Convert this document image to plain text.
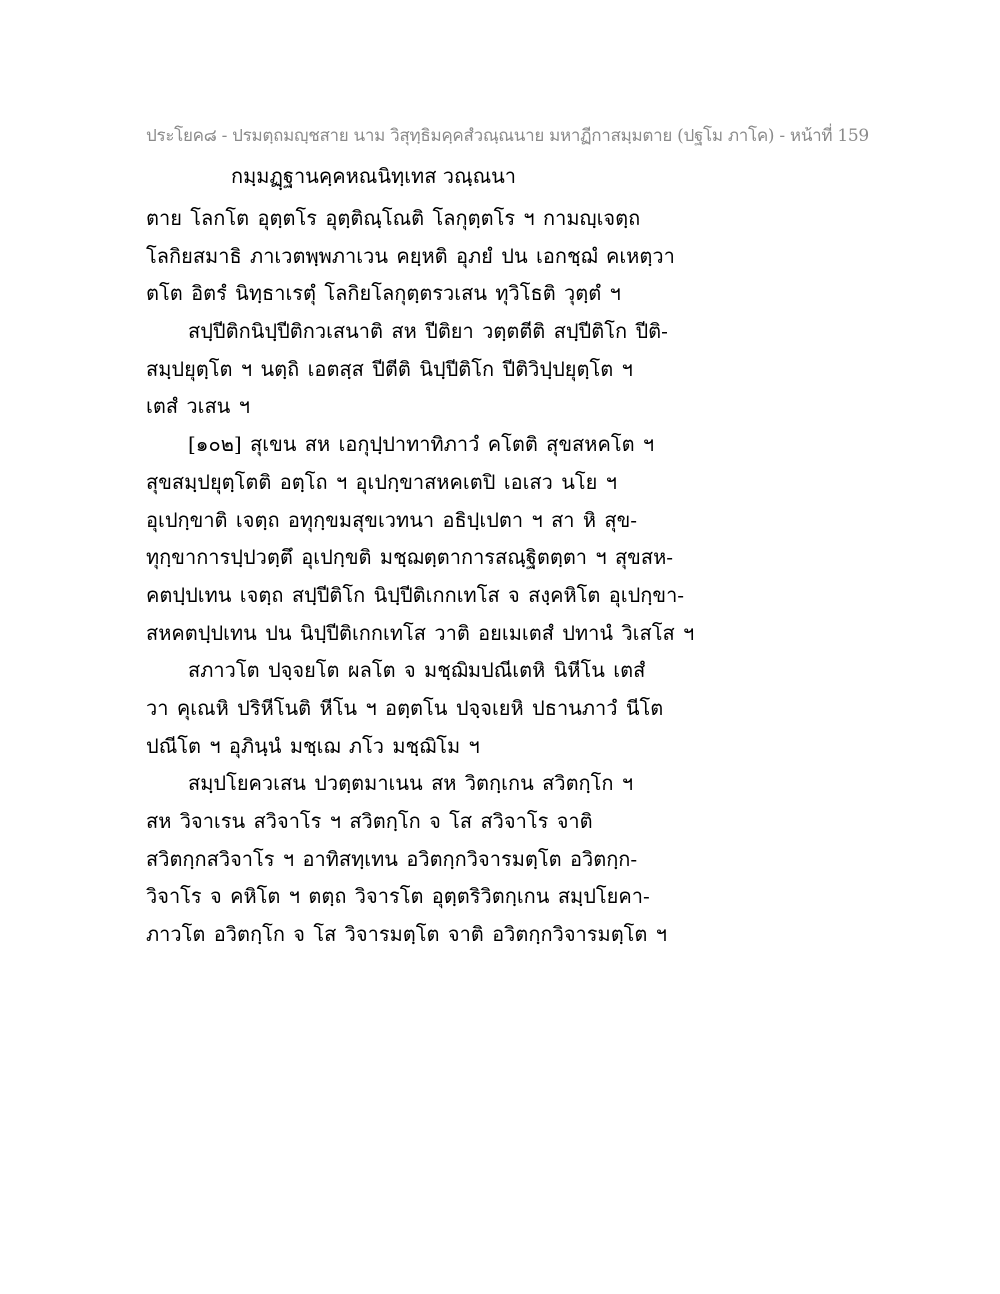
ประโยค๘ - ปรมตฺถมญฺชสาย นาม วิสุทฺธิมคฺคสํวณฺณนาย มหาฏีกาสมฺมตาย (ปฐโม ภาโค) - หน้าที่ 159
กมฺมฏฺฐานคฺคหณนิทฺเทส วณฺณนา
ตาย โลกโต อุตฺตโร อุตฺติณฺโณติ โลกุตฺตโร ฯ กามญฺเจตฺถ
โลกิยสมาธิ ภาเวตพฺพภาเวน คยฺหติ อุภยํ ปน เอกชฺฌํ คเหตฺวา
ตโต อิตรํ นิทฺธาเรตุํ โลกิยโลกุตฺตรวเสน ทุวิโธติ วุตฺตํ ฯ
สปฺปีติกนิปฺปีติกวเสนาติ สห ปีติยา วตฺตตีติ สปฺปีติโก ปีติ-
สมฺปยุตฺโต ฯ นตฺถิ เอตสฺส ปีตีติ นิปฺปีติโก ปีติวิปฺปยุตฺโต ฯ
เตสํ วเสน ฯ
[๑๐๒] สุเขน สห เอกุปฺปาทาทิภาวํ คโตติ สุขสหคโต ฯ
สุขสมฺปยุตฺโตติ อตฺโถ ฯ อุเปกฺขาสหคเตปิ เอเสว นโย ฯ
อุเปกฺขาติ เจตฺถ อทุกฺขมสุขเวทนา อธิปฺเปตา ฯ สา หิ สุข-
ทุกฺขาการปฺปวตฺตึ อุเปกฺขติ มชฺฌตฺตาการสณฺฐิตตฺตา ฯ สุขสห-
คตปฺปเทน เจตฺถ สปฺปีติโก นิปฺปีติเกกเทโส จ สงฺคหิโต อุเปกฺขา-
สหคตปฺปเทน ปน นิปฺปีติเกกเทโส วาติ อยเมเตสํ ปทานํ วิเสโส ฯ
สภาวโต ปจฺจยโต ผลโต จ มชฺฌิมปณีเตหิ นิหีโน เตสํ
วา คุเณหิ ปริหีโนติ หีโน ฯ อตฺตโน ปจฺจเยหิ ปธานภาวํ นีโต
ปณีโต ฯ อุภินฺนํ มชฺเฌ ภโว มชฺฌิโม ฯ
สมฺปโยควเสน ปวตฺตมาเนน สห วิตกฺเกน สวิตกฺโก ฯ
สห วิจาเรน สวิจาโร ฯ สวิตกฺโก จ โส สวิจาโร จาติ
สวิตกฺกสวิจาโร ฯ อาทิสทฺเทน อวิตกฺกวิจารมตฺโต อวิตกฺก-
วิจาโร จ คหิโต ฯ ตตฺถ วิจารโต อุตฺตริวิตกฺเกน สมฺปโยคา-
ภาวโต อวิตกฺโก จ โส วิจารมตฺโต จาติ อวิตกฺกวิจารมตฺโต ฯ
